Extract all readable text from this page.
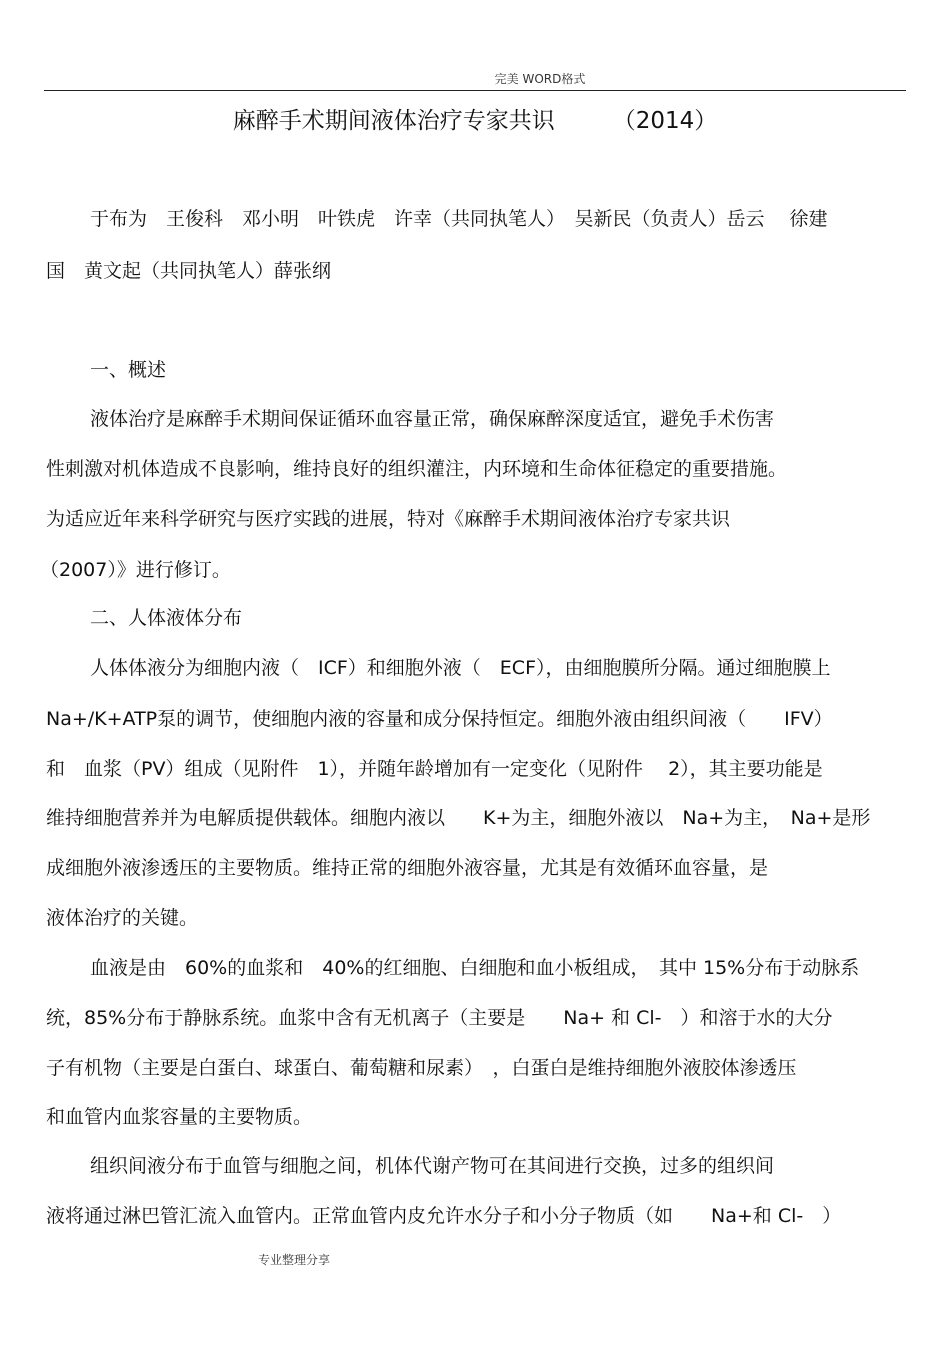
完美 WORD格式
麻醉手术期间液体治疗专家共识	（2014）
于布为　王俊科　邓小明　叶铁虎　许幸（共同执笔人）　吴新民（负责人）岳云　 徐建
国　黄文起（共同执笔人）薛张纲
一、概述
液体治疗是麻醉手术期间保证循环血容量正常，确保麻醉深度适宜，避免手术伤害
性刺激对机体造成不良影响，维持良好的组织灌注，内环境和生命体征稳定的重要措施。
为适应近年来科学研究与医疗实践的进展，特对《麻醉手术期间液体治疗专家共识
（2007）》进行修订。
二、人体液体分布
人体体液分为细胞内液（　ICF）和细胞外液（　ECF），由细胞膜所分隔。通过细胞膜上
Na+/K+ATP泵的调节，使细胞内液的容量和成分保持恒定。细胞外液由组织间液（　　IFV）
和　血浆（PV）组成（见附件　1），并随年龄增加有一定变化（见附件　 2），其主要功能是
维持细胞营养并为电解质提供载体。细胞内液以　　K+为主，细胞外液以　Na+为主，　Na+是形
成细胞外液渗透压的主要物质。维持正常的细胞外液容量，尤其是有效循环血容量，是
液体治疗的关键。
血液是由　60%的血浆和　40%的红细胞、白细胞和血小板组成，　其中 15%分布于动脉系
统，85%分布于静脉系统。血浆中含有无机离子（主要是　　Na+ 和 Cl-　）和溶于水的大分
子有机物（主要是白蛋白、球蛋白、葡萄糖和尿素）　，白蛋白是维持细胞外液胶体渗透压
和血管内血浆容量的主要物质。
组织间液分布于血管与细胞之间，机体代谢产物可在其间进行交换，过多的组织间
液将通过淋巴管汇流入血管内。正常血管内皮允许水分子和小分子物质（如　　Na+和 Cl-　）
专业整理分享
